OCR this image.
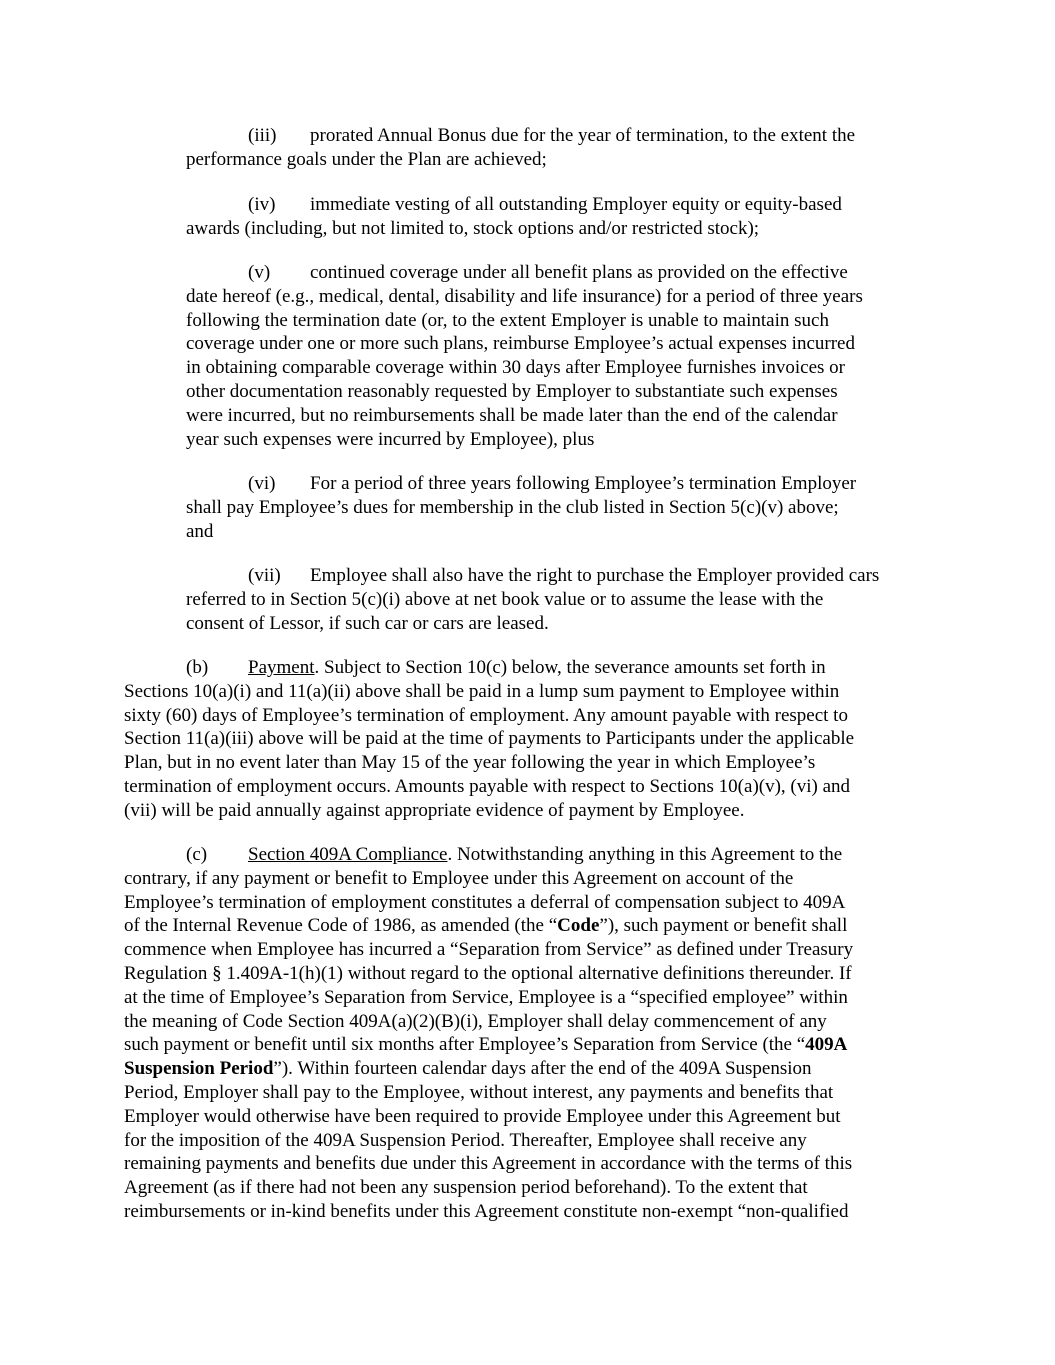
(iii) prorated Annual Bonus due for the year of termination, to the extent the
performance goals under the Plan are achieved;
(iv) immediate vesting of all outstanding Employer equity or equity-based
awards (including, but not limited to, stock options and/or restricted stock);
(v) continued coverage under all benefit plans as provided on the effective
date hereof (e.g., medical, dental, disability and life insurance) for a period of three years
following the termination date (or, to the extent Employer is unable to maintain such
coverage under one or more such plans, reimburse Employee’s actual expenses incurred
in obtaining comparable coverage within 30 days after Employee furnishes invoices or
other documentation reasonably requested by Employer to substantiate such expenses
were incurred, but no reimbursements shall be made later than the end of the calendar
year such expenses were incurred by Employee), plus
(vi) For a period of three years following Employee’s termination Employer
shall pay Employee’s dues for membership in the club listed in Section 5(c)(v) above;
and
(vii) Employee shall also have the right to purchase the Employer provided cars
referred to in Section 5(c)(i) above at net book value or to assume the lease with the
consent of Lessor, if such car or cars are leased.
(b) Payment. Subject to Section 10(c) below, the severance amounts set forth in
Sections 10(a)(i) and 11(a)(ii) above shall be paid in a lump sum payment to Employee within
sixty (60) days of Employee’s termination of employment. Any amount payable with respect to
Section 11(a)(iii) above will be paid at the time of payments to Participants under the applicable
Plan, but in no event later than May 15 of the year following the year in which Employee’s
termination of employment occurs. Amounts payable with respect to Sections 10(a)(v), (vi) and
(vii) will be paid annually against appropriate evidence of payment by Employee.
(c) Section 409A Compliance. Notwithstanding anything in this Agreement to the
contrary, if any payment or benefit to Employee under this Agreement on account of the
Employee’s termination of employment constitutes a deferral of compensation subject to 409A
of the Internal Revenue Code of 1986, as amended (the “Code”), such payment or benefit shall
commence when Employee has incurred a “Separation from Service” as defined under Treasury
Regulation § 1.409A-1(h)(1) without regard to the optional alternative definitions thereunder. If
at the time of Employee’s Separation from Service, Employee is a “specified employee” within
the meaning of Code Section 409A(a)(2)(B)(i), Employer shall delay commencement of any
such payment or benefit until six months after Employee’s Separation from Service (the “409A
Suspension Period”). Within fourteen calendar days after the end of the 409A Suspension
Period, Employer shall pay to the Employee, without interest, any payments and benefits that
Employer would otherwise have been required to provide Employee under this Agreement but
for the imposition of the 409A Suspension Period. Thereafter, Employee shall receive any
remaining payments and benefits due under this Agreement in accordance with the terms of this
Agreement (as if there had not been any suspension period beforehand). To the extent that
reimbursements or in-kind benefits under this Agreement constitute non-exempt “non-qualified
